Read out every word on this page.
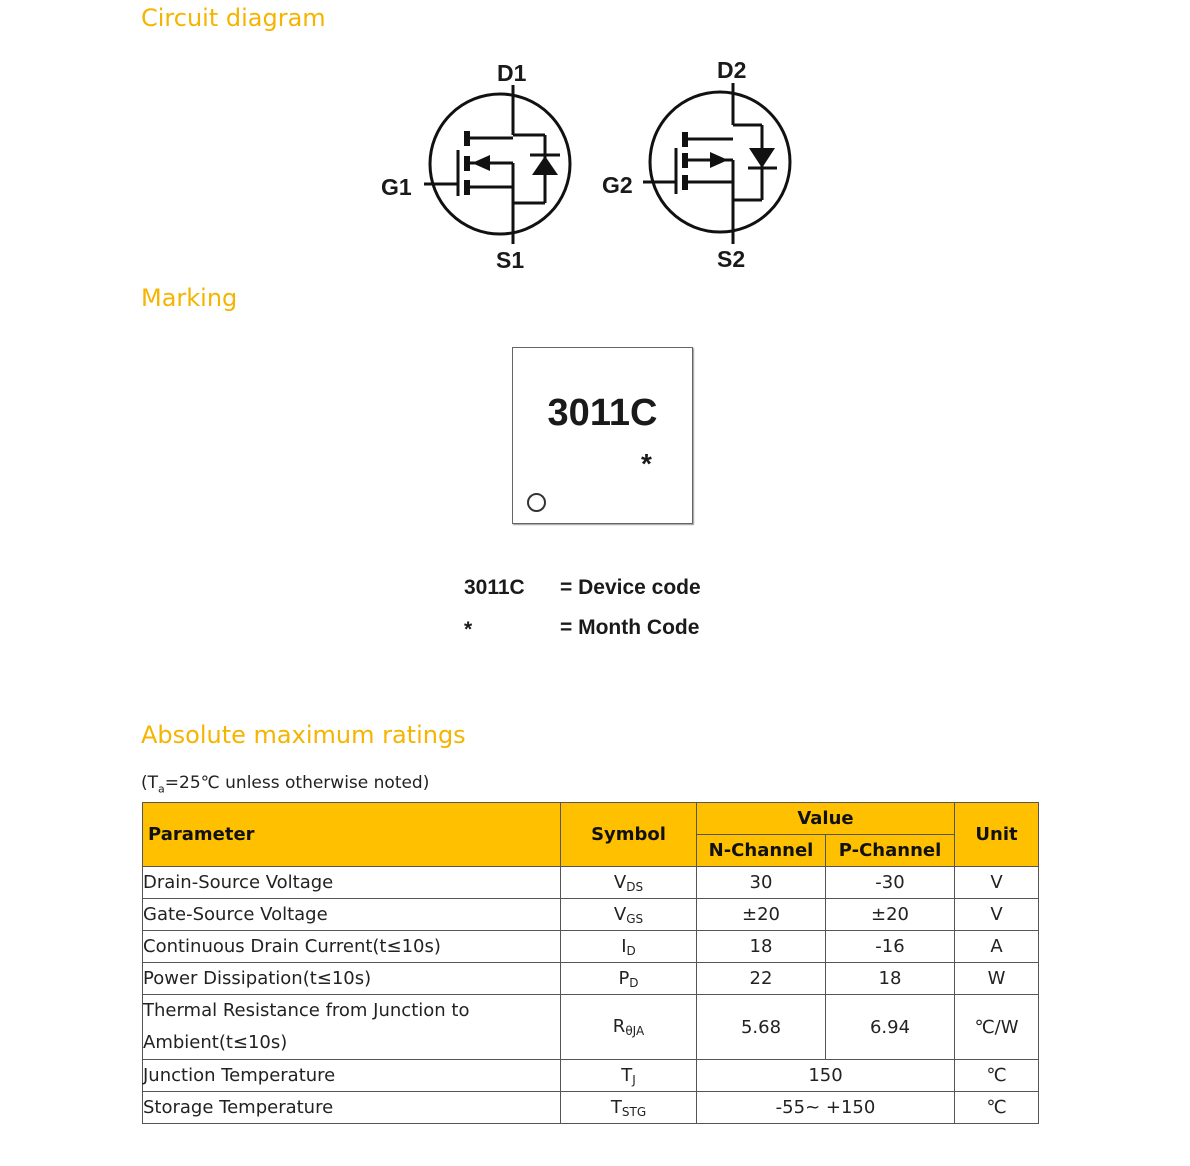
Circuit diagram
D1
G1
S1
D2
G2
S2
Marking
3011C
*
3011C = Device code
*	= Month Code
Absolute maximum ratings
($T_a=25℃$ unless otherwise noted)
Parameter	Symbol	Value		Unit
		N-Channel	P-Channel	
Drain-Source Voltage	$V_{DS}$	30	-30	V
Gate-Source Voltage	$V_{GS}$	±20	±20	V
Continuous Drain Current(t≤10s)	$I_D$	18	-16	A
Power Dissipation(t≤10s)	$P_D$	22	18	W
Thermal Resistance from Junction to Ambient(t≤10s)	$R_{\theta JA}$	5.68	6.94	℃/W
Junction Temperature	$T_J$	150		℃
Storage Temperature	$T_{STG}$	-55~ +150		℃
